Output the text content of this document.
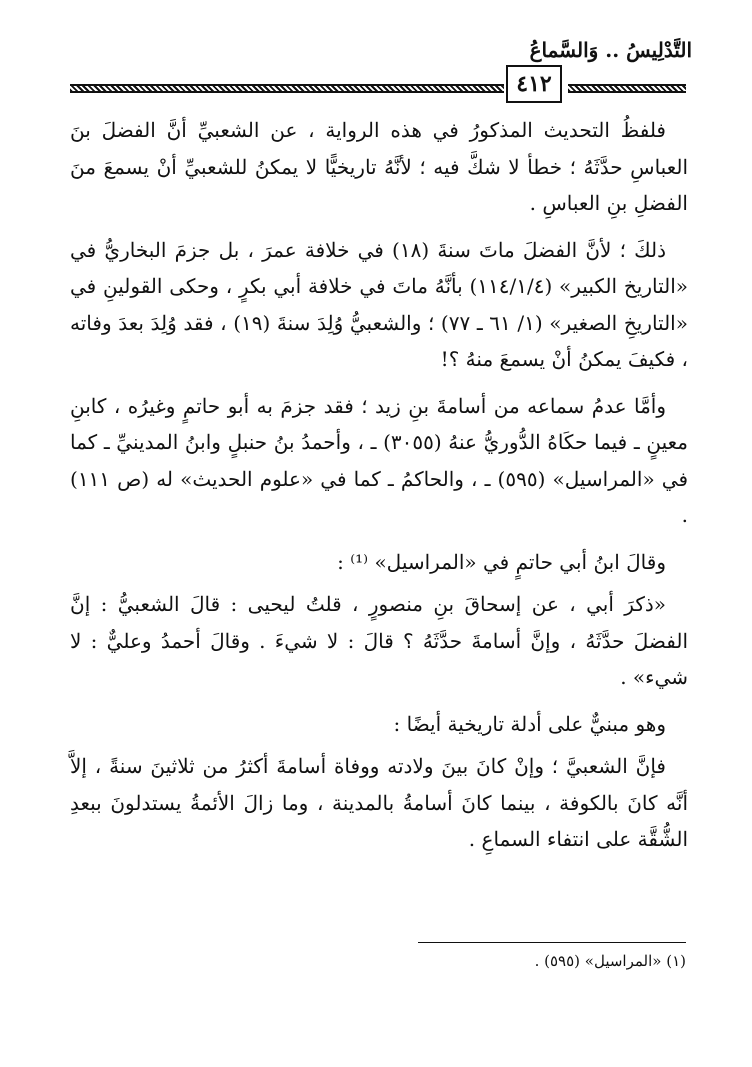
التَّدْلِيسُ .. وَالسَّماعُ
٤١٢

فلفظُ التحديث المذكورُ في هذه الرواية ، عن الشعبيِّ أنَّ الفضلَ بنَ العباسِ حدَّثَهُ ؛ خطأ لا شكَّ فيه ؛ لأنَّهُ تاريخيًّا لا يمكنُ للشعبيِّ أنْ يسمعَ منَ الفضلِ بنِ العباسِ .

ذلكَ ؛ لأنَّ الفضلَ ماتَ سنةَ (١٨) في خلافة عمرَ ، بل جزمَ البخاريُّ في «التاريخ الكبير» (١١٤/١/٤) بأنَّهُ ماتَ في خلافة أبي بكرٍ ، وحكى القولينِ في «التاريخِ الصغير» (١/ ٦١ ـ ٧٧) ؛ والشعبيُّ وُلِدَ سنةَ (١٩) ، فقد وُلِدَ بعدَ وفاته ، فكيفَ يمكنُ أنْ يسمعَ منهُ ؟!

وأمَّا عدمُ سماعه من أسامةَ بنِ زيد ؛ فقد جزمَ به أبو حاتمٍ وغيرُه ، كابنِ معينٍ ـ فيما حكَاهُ الدُّوريُّ عنهُ (٣٠٥٥) ـ ، وأحمدُ بنُ حنبلٍ وابنُ المدينيِّ ـ كما في «المراسيل» (٥٩٥) ـ ، والحاكمُ ـ كما في «علوم الحديث» له (ص ١١١) .

وقالَ ابنُ أبي حاتمٍ في «المراسيل» ⁽¹⁾ :

«ذكرَ أبي ، عن إسحاقَ بنِ منصورٍ ، قلتُ ليحيى : قالَ الشعبيُّ : إنَّ الفضلَ حدَّثَهُ ، وإنَّ أسامةَ حدَّثَهُ ؟ قالَ : لا شيءَ . وقالَ أحمدُ وعليٌّ : لا شيء» .

وهو مبنيٌّ على أدلة تاريخية أيضًا :

فإنَّ الشعبيَّ ؛ وإنْ كانَ بينَ ولادته ووفاة أسامةَ أكثرُ من ثلاثينَ سنةً ، إلاَّ أنَّه كانَ بالكوفة ، بينما كانَ أسامةُ بالمدينة ، وما زالَ الأئمةُ يستدلونَ ببعدِ الشُّقَّة على انتفاء السماعِ .

(١) «المراسيل» (٥٩٥) .
